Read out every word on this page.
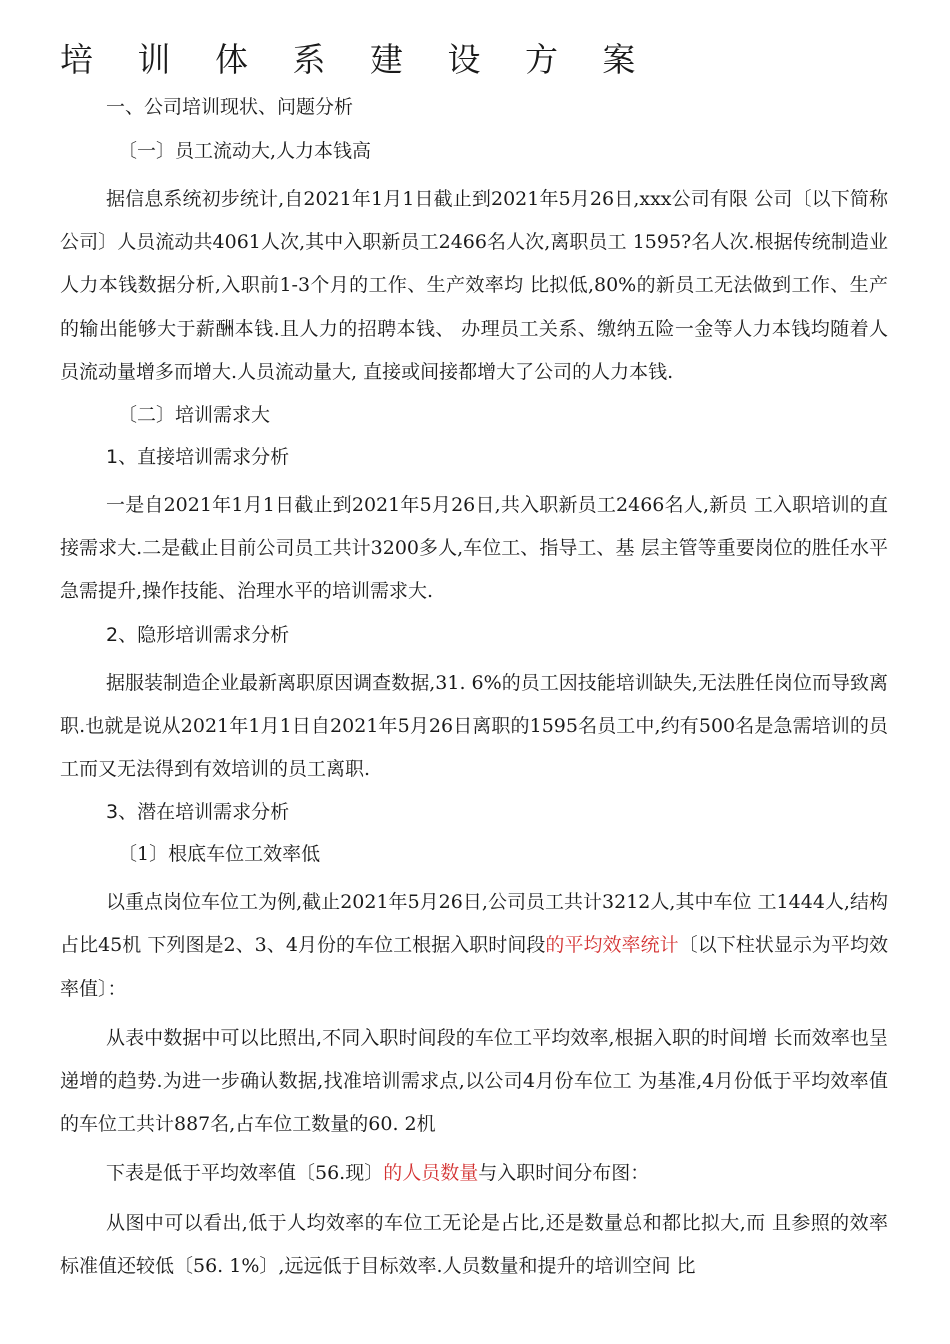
培 训 体 系 建 设 方 案
一、公司培训现状、问题分析
〔一〕员工流动大,人力本钱高

据信息系统初步统计,自2021年1月1日截止到2021年5月26日,xxx公司有限 公司〔以下简称公司〕人员流动共4061人次,其中入职新员工2466名人次,离职员工 1595?名人次.根据传统制造业人力本钱数据分析,入职前1-3个月的工作、生产效率均 比拟低,80%的新员工无法做到工作、生产的输出能够大于薪酬本钱.且人力的招聘本钱、 办理员工关系、缴纳五险一金等人力本钱均随着人员流动量增多而增大.人员流动量大, 直接或间接都增大了公司的人力本钱.

〔二〕培训需求大
1、直接培训需求分析

一是自2021年1月1日截止到2021年5月26日,共入职新员工2466名人,新员 工入职培训的直接需求大.二是截止目前公司员工共计3200多人,车位工、指导工、基 层主管等重要岗位的胜任水平急需提升,操作技能、治理水平的培训需求大.

2、隐形培训需求分析

据服装制造企业最新离职原因调查数据,31. 6%的员工因技能培训缺失,无法胜任岗位而导致离职.也就是说从2021年1月1日自2021年5月26日离职的1595名员工中,约有500名是急需培训的员工而又无法得到有效培训的员工离职.

3、潜在培训需求分析
〔1〕根底车位工效率低

以重点岗位车位工为例,截止2021年5月26日,公司员工共计3212人,其中车位 工1444人,结构占比45机 下列图是2、3、4月份的车位工根据入职时间段的平均效率统计〔以下柱状显示为平均效率值〕：

从表中数据中可以比照出,不同入职时间段的车位工平均效率,根据入职的时间增 长而效率也呈递增的趋势.为进一步确认数据,找准培训需求点,以公司4月份车位工 为基准,4月份低于平均效率值的车位工共计887名,占车位工数量的60. 2机

下表是低于平均效率值〔56.现〕的人员数量与入职时间分布图：

从图中可以看出,低于人均效率的车位工无论是占比,还是数量总和都比拟大,而 且参照的效率标准值还较低〔56. 1%〕,远远低于目标效率.人员数量和提升的培训空间 比
